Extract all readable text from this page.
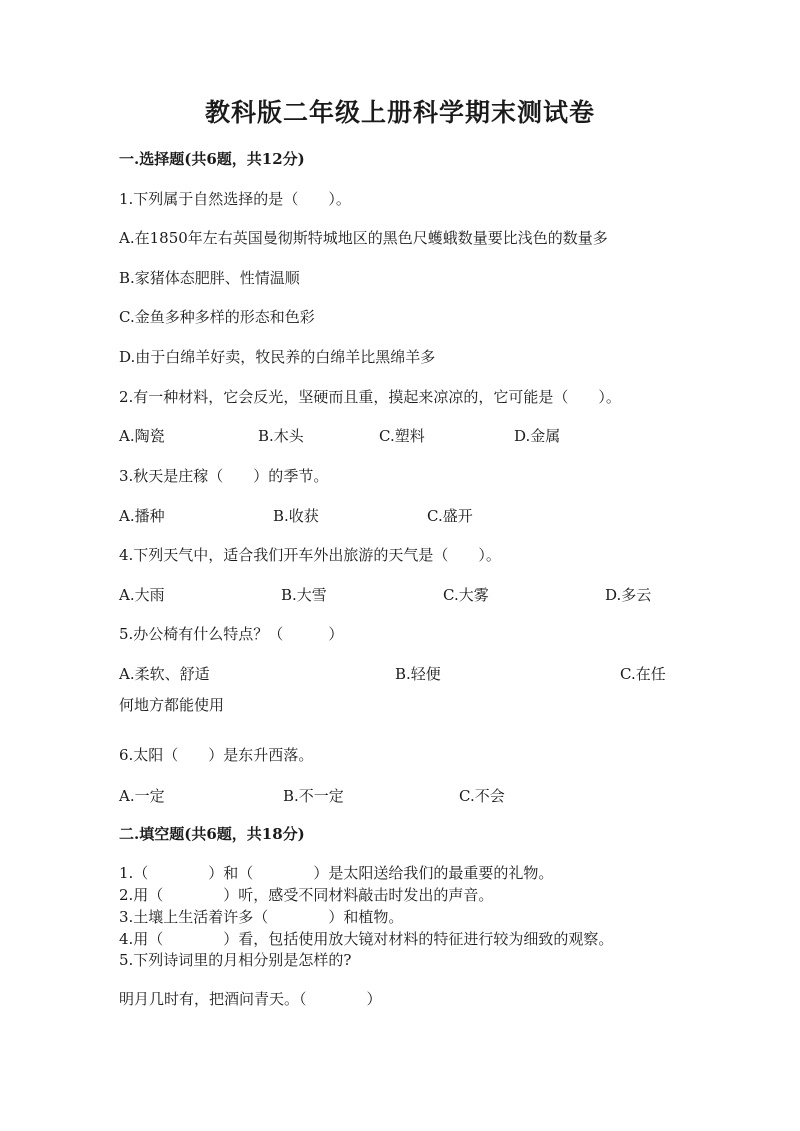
教科版二年级上册科学期末测试卷
一.选择题(共6题，共12分)
1.下列属于自然选择的是（　　）。
A.在1850年左右英国曼彻斯特城地区的黑色尺蠖蛾数量要比浅色的数量多
B.家猪体态肥胖、性情温顺
C.金鱼多种多样的形态和色彩
D.由于白绵羊好卖，牧民养的白绵羊比黑绵羊多
2.有一种材料，它会反光，坚硬而且重，摸起来凉凉的，它可能是（　　）。
A.陶瓷	B.木头	C.塑料	D.金属
3.秋天是庄稼（　　）的季节。
A.播种	B.收获	C.盛开
4.下列天气中，适合我们开车外出旅游的天气是（　　）。
A.大雨	B.大雪	C.大雾	D.多云
5.办公椅有什么特点？（　　　）
A.柔软、舒适	B.轻便	C.在任
何地方都能使用
6.太阳（　　）是东升西落。
A.一定	B.不一定	C.不会
二.填空题(共6题，共18分)
1.（　　　　）和（　　　　）是太阳送给我们的最重要的礼物。
2.用（　　　　）听，感受不同材料敲击时发出的声音。
3.土壤上生活着许多（　　　　）和植物。
4.用（　　　　）看，包括使用放大镜对材料的特征进行较为细致的观察。
5.下列诗词里的月相分别是怎样的?
明月几时有，把酒问青天。（　　　　）
